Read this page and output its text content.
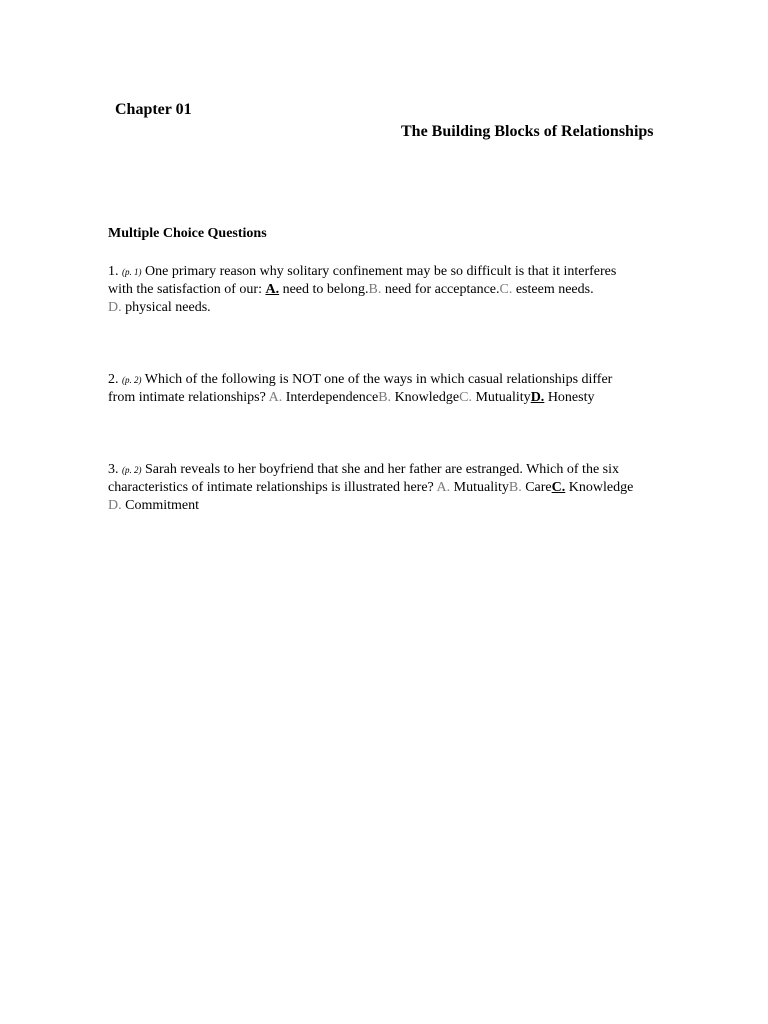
Chapter 01
The Building Blocks of Relationships
Multiple Choice Questions

1. (p. 1) One primary reason why solitary confinement may be so difficult is that it interferes
with the satisfaction of our: A. need to belong.B. need for acceptance.C. esteem needs.
D. physical needs.

2. (p. 2) Which of the following is NOT one of the ways in which casual relationships differ
from intimate relationships? A. InterdependenceB. KnowledgeC. MutualityD. Honesty

3. (p. 2) Sarah reveals to her boyfriend that she and her father are estranged. Which of the six
characteristics of intimate relationships is illustrated here? A. MutualityB. CareC. Knowledge
D. Commitment
